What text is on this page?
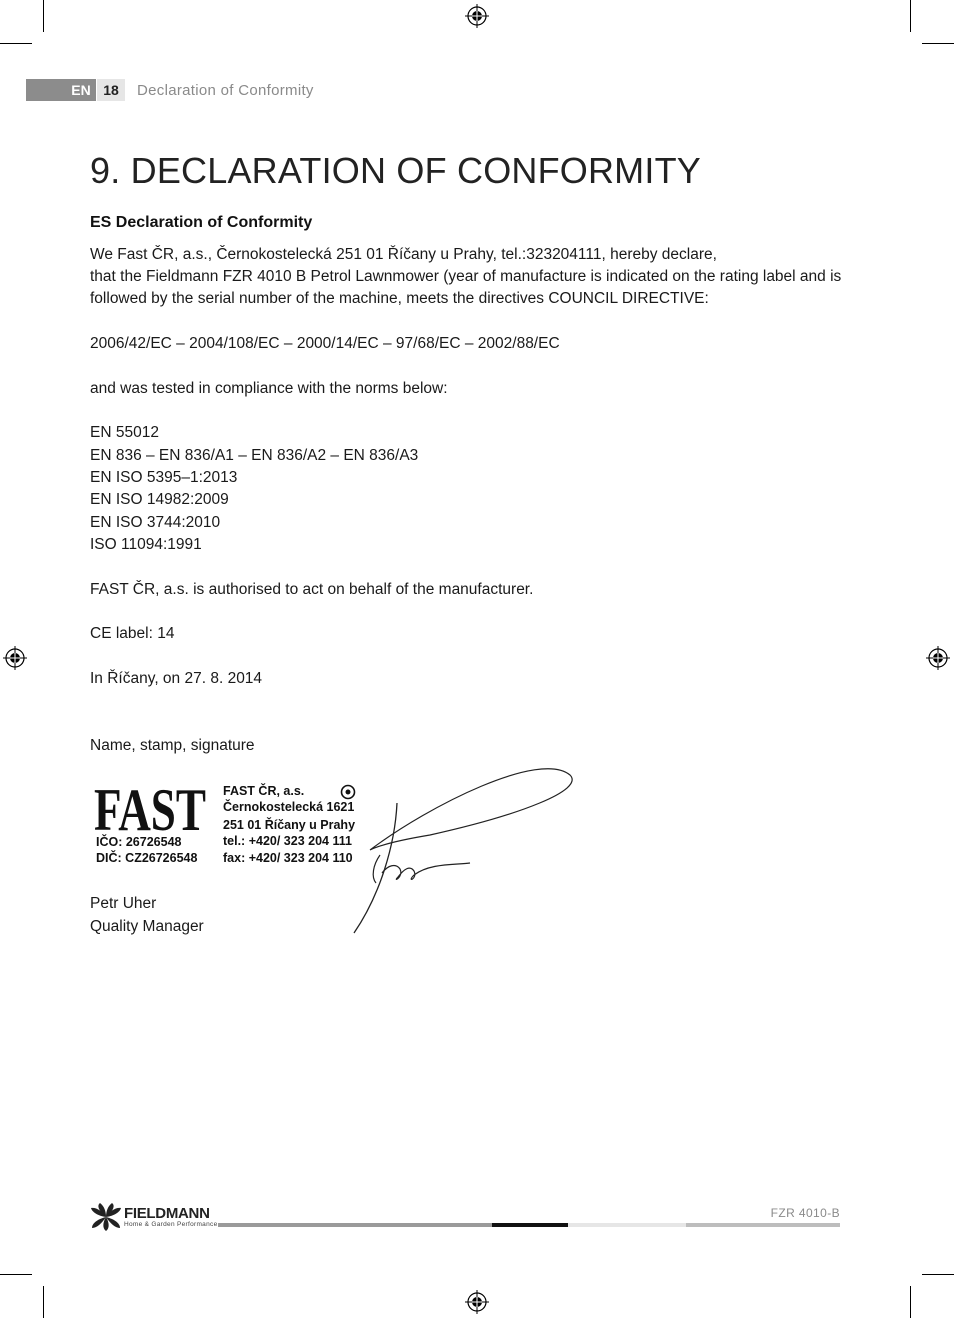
EN 18	Declaration of Conformity
9. DECLARATION OF CONFORMITY
ES Declaration of Conformity
We Fast ČR, a.s., Černokostelecká 251 01 Říčany u Prahy, tel.:323204111, hereby declare,
that the Fieldmann FZR 4010 B Petrol Lawnmower (year of manufacture is indicated on the rating label and is
followed by the serial number of the machine, meets the directives COUNCIL DIRECTIVE:
2006/42/EC – 2004/108/EC – 2000/14/EC – 97/68/EC – 2002/88/EC
and was tested in compliance with the norms below:
EN 55012
EN 836 – EN 836/A1 – EN 836/A2 – EN 836/A3
EN ISO 5395–1:2013
EN ISO 14982:2009
EN ISO 3744:2010
ISO 11094:1991
FAST ČR, a.s. is authorised to act on behalf of the manufacturer.
CE label: 14
In Říčany, on 27. 8. 2014
Name, stamp, signature
FAST FAST ČR, a.s.
Černokostelecká 1621
251 01 Říčany u Prahy
tel.: +420/ 323 204 111
fax: +420/ 323 204 110
IČO: 26726548
DIČ: CZ26726548
Petr Uher
Quality Manager
FIELDMANN
Home & Garden Performance
FZR 4010-B
